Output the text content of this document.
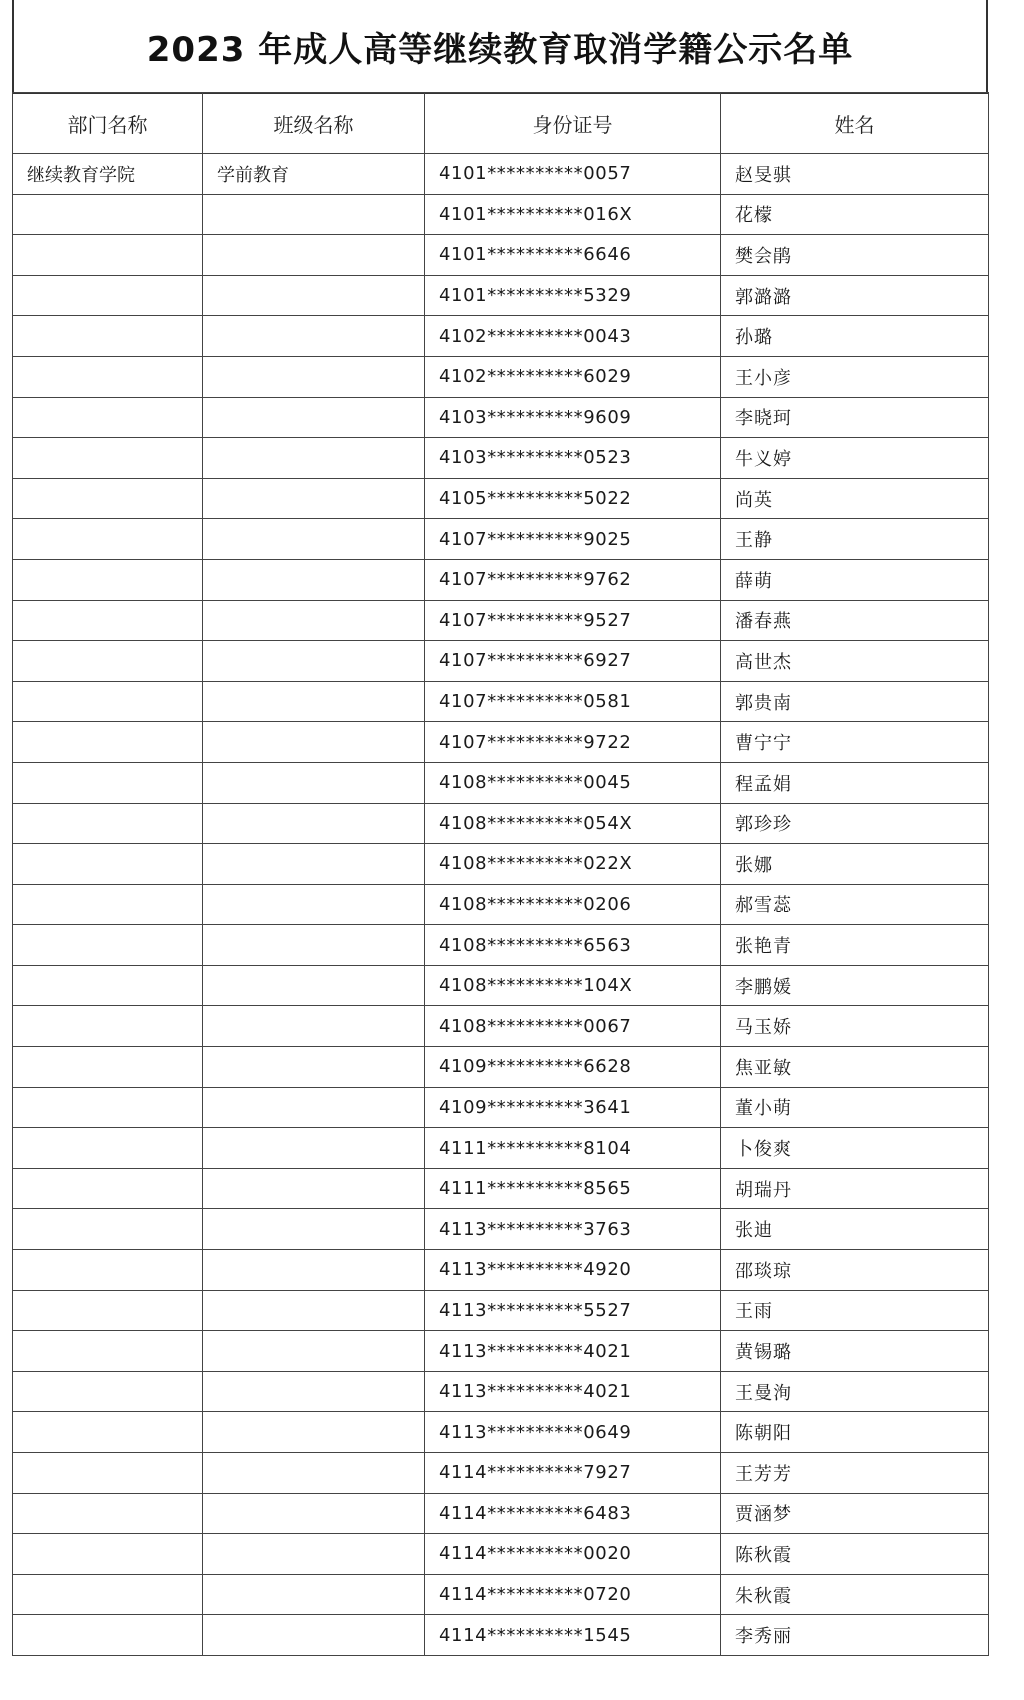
2023 年成人高等继续教育取消学籍公示名单
部门名称	班级名称	身份证号	姓名
继续教育学院	学前教育	4101**********0057	赵旻骐
		4101**********016X	花檬
		4101**********6646	樊会鹃
		4101**********5329	郭潞潞
		4102**********0043	孙璐
		4102**********6029	王小彦
		4103**********9609	李晓珂
		4103**********0523	牛义婷
		4105**********5022	尚英
		4107**********9025	王静
		4107**********9762	薛萌
		4107**********9527	潘春燕
		4107**********6927	高世杰
		4107**********0581	郭贵南
		4107**********9722	曹宁宁
		4108**********0045	程孟娟
		4108**********054X	郭珍珍
		4108**********022X	张娜
		4108**********0206	郝雪蕊
		4108**********6563	张艳青
		4108**********104X	李鹏媛
		4108**********0067	马玉娇
		4109**********6628	焦亚敏
		4109**********3641	董小萌
		4111**********8104	卜俊爽
		4111**********8565	胡瑞丹
		4113**********3763	张迪
		4113**********4920	邵琰琼
		4113**********5527	王雨
		4113**********4021	黄锡璐
		4113**********4021	王曼洵
		4113**********0649	陈朝阳
		4114**********7927	王芳芳
		4114**********6483	贾涵梦
		4114**********0020	陈秋霞
		4114**********0720	朱秋霞
		4114**********1545	李秀丽
